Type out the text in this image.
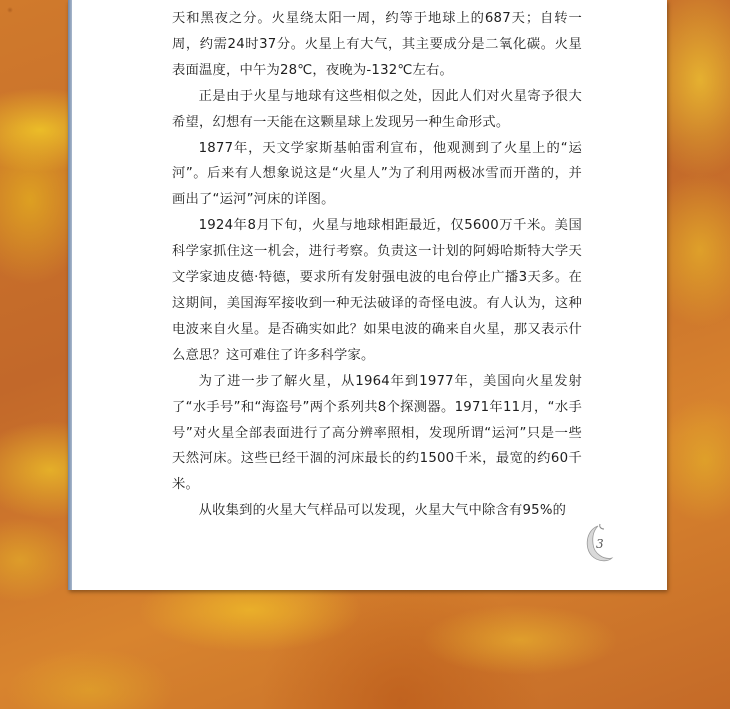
天和黑夜之分。火星绕太阳一周，约等于地球上的687天；自转一周，约需24时37分。火星上有大气，其主要成分是二氧化碳。火星表面温度，中午为28℃，夜晚为-132℃左右。

正是由于火星与地球有这些相似之处，因此人们对火星寄予很大希望，幻想有一天能在这颗星球上发现另一种生命形式。

1877年，天文学家斯基帕雷利宣布，他观测到了火星上的“运河”。后来有人想象说这是“火星人”为了利用两极冰雪而开凿的，并画出了“运河”河床的详图。

1924年8月下旬，火星与地球相距最近，仅5600万千米。美国科学家抓住这一机会，进行考察。负责这一计划的阿姆哈斯特大学天文学家迪皮德·特德，要求所有发射强电波的电台停止广播3天多。在这期间，美国海军接收到一种无法破译的奇怪电波。有人认为，这种电波来自火星。是否确实如此？如果电波的确来自火星，那又表示什么意思？这可难住了许多科学家。

为了进一步了解火星，从1964年到1977年，美国向火星发射了“水手号”和“海盗号”两个系列共8个探测器。1971年11月，“水手号”对火星全部表面进行了高分辨率照相，发现所谓“运河”只是一些天然河床。这些已经干涸的河床最长的约1500千米，最宽的约60千米。

从收集到的火星大气样品可以发现，火星大气中除含有95%的

3
